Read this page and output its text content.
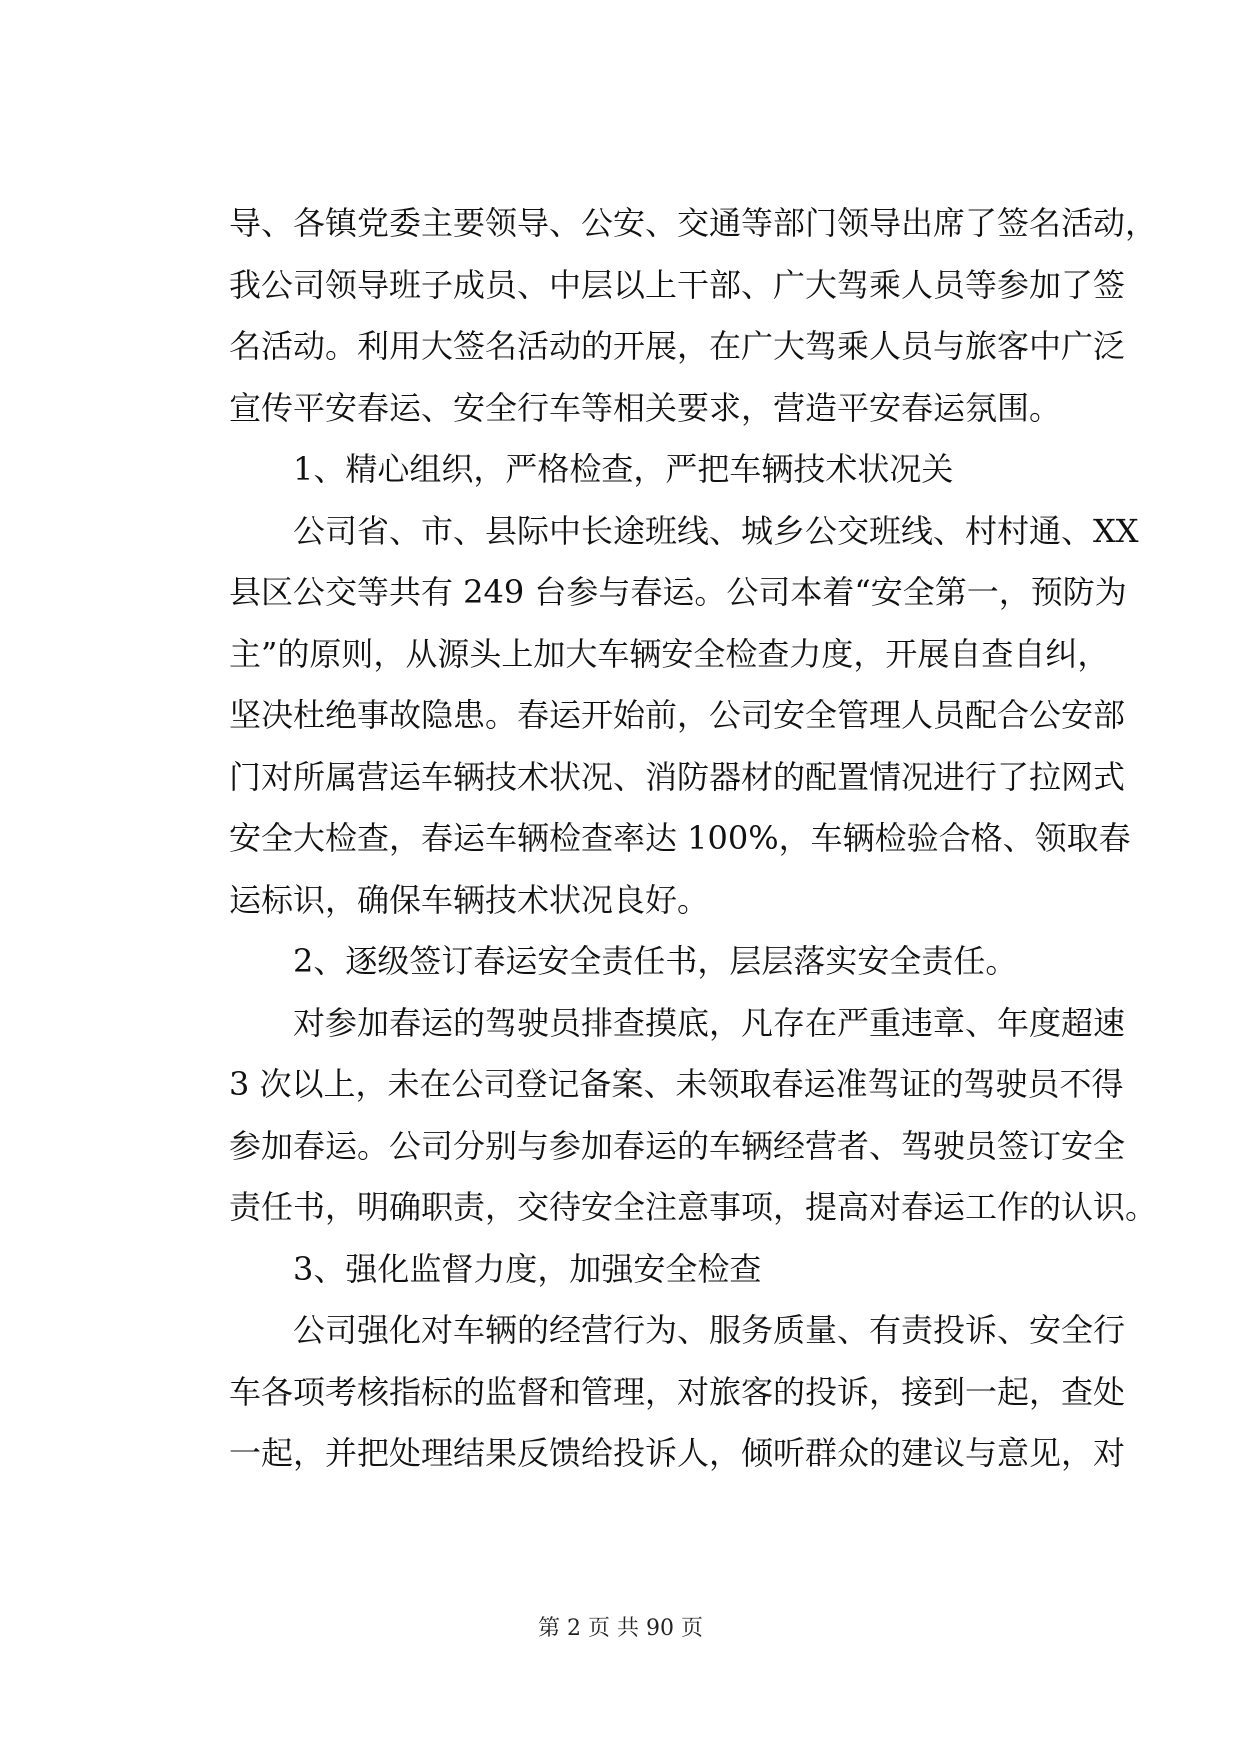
导、各镇党委主要领导、公安、交通等部门领导出席了签名活动，
我公司领导班子成员、中层以上干部、广大驾乘人员等参加了签
名活动。利用大签名活动的开展，在广大驾乘人员与旅客中广泛
宣传平安春运、安全行车等相关要求，营造平安春运氛围。
1、精心组织，严格检查，严把车辆技术状况关
公司省、市、县际中长途班线、城乡公交班线、村村通、XX
县区公交等共有 249 台参与春运。公司本着“安全第一，预防为
主”的原则，从源头上加大车辆安全检查力度，开展自查自纠，
坚决杜绝事故隐患。春运开始前，公司安全管理人员配合公安部
门对所属营运车辆技术状况、消防器材的配置情况进行了拉网式
安全大检查，春运车辆检查率达 100%，车辆检验合格、领取春
运标识，确保车辆技术状况良好。
2、逐级签订春运安全责任书，层层落实安全责任。
对参加春运的驾驶员排查摸底，凡存在严重违章、年度超速
3 次以上，未在公司登记备案、未领取春运准驾证的驾驶员不得
参加春运。公司分别与参加春运的车辆经营者、驾驶员签订安全
责任书，明确职责，交待安全注意事项，提高对春运工作的认识。
3、强化监督力度，加强安全检查
公司强化对车辆的经营行为、服务质量、有责投诉、安全行
车各项考核指标的监督和管理，对旅客的投诉，接到一起，查处
一起，并把处理结果反馈给投诉人，倾听群众的建议与意见，对
第 2 页 共 90 页
